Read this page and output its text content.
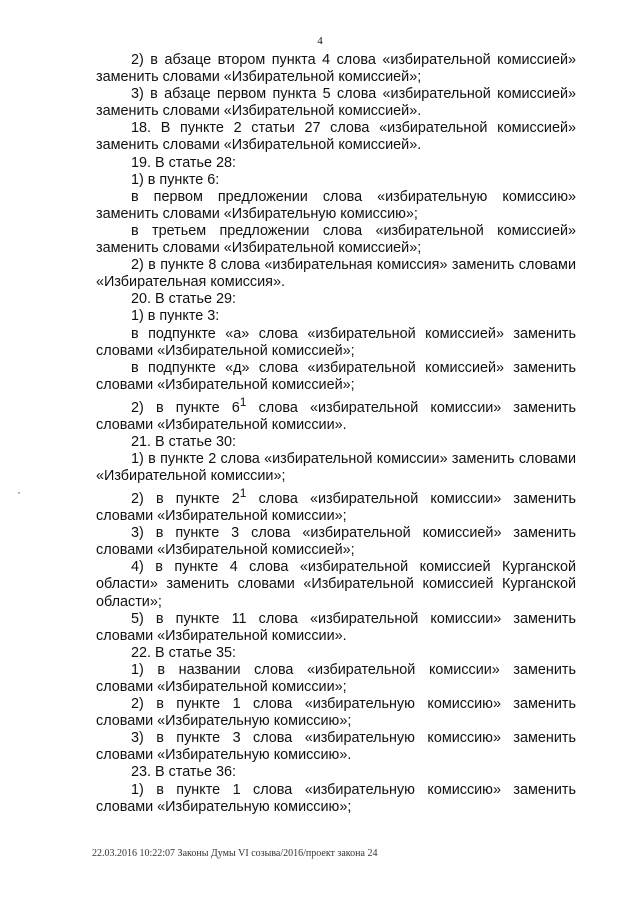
4

2) в абзаце втором пункта 4 слова «избирательной комиссией» заменить словами «Избирательной комиссией»;

3) в абзаце первом пункта 5 слова «избирательной комиссией» заменить словами «Избирательной комиссией».

18. В пункте 2 статьи 27 слова «избирательной комиссией» заменить словами «Избирательной комиссией».

19. В статье 28:

1) в пункте 6:

в первом предложении слова «избирательную комиссию» заменить словами «Избирательную комиссию»;

в третьем предложении слова «избирательной комиссией» заменить словами «Избирательной комиссией»;

2) в пункте 8 слова «избирательная комиссия» заменить словами «Избирательная комиссия».

20. В статье 29:

1) в пункте 3:

в подпункте «а» слова «избирательной комиссией» заменить словами «Избирательной комиссией»;

в подпункте «д» слова «избирательной комиссией» заменить словами «Избирательной комиссией»;

2) в пункте $6^1$ слова «избирательной комиссии» заменить словами «Избирательной комиссии».

21. В статье 30:

1) в пункте 2 слова «избирательной комиссии» заменить словами «Избирательной комиссии»;

2) в пункте $2^1$ слова «избирательной комиссии» заменить словами «Избирательной комиссии»;

3) в пункте 3 слова «избирательной комиссией» заменить словами «Избирательной комиссией»;

4) в пункте 4 слова «избирательной комиссией Курганской области» заменить словами «Избирательной комиссией Курганской области»;

5) в пункте 11 слова «избирательной комиссии» заменить словами «Избирательной комиссии».

22. В статье 35:

1) в названии слова «избирательной комиссии» заменить словами «Избирательной комиссии»;

2) в пункте 1 слова «избирательную комиссию» заменить словами «Избирательную комиссию»;

3) в пункте 3 слова «избирательную комиссию» заменить словами «Избирательную комиссию».

23. В статье 36:

1) в пункте 1 слова «избирательную комиссию» заменить словами «Избирательную комиссию»;

22.03.2016 10:22:07 Законы Думы VI созыва/2016/проект закона 24
